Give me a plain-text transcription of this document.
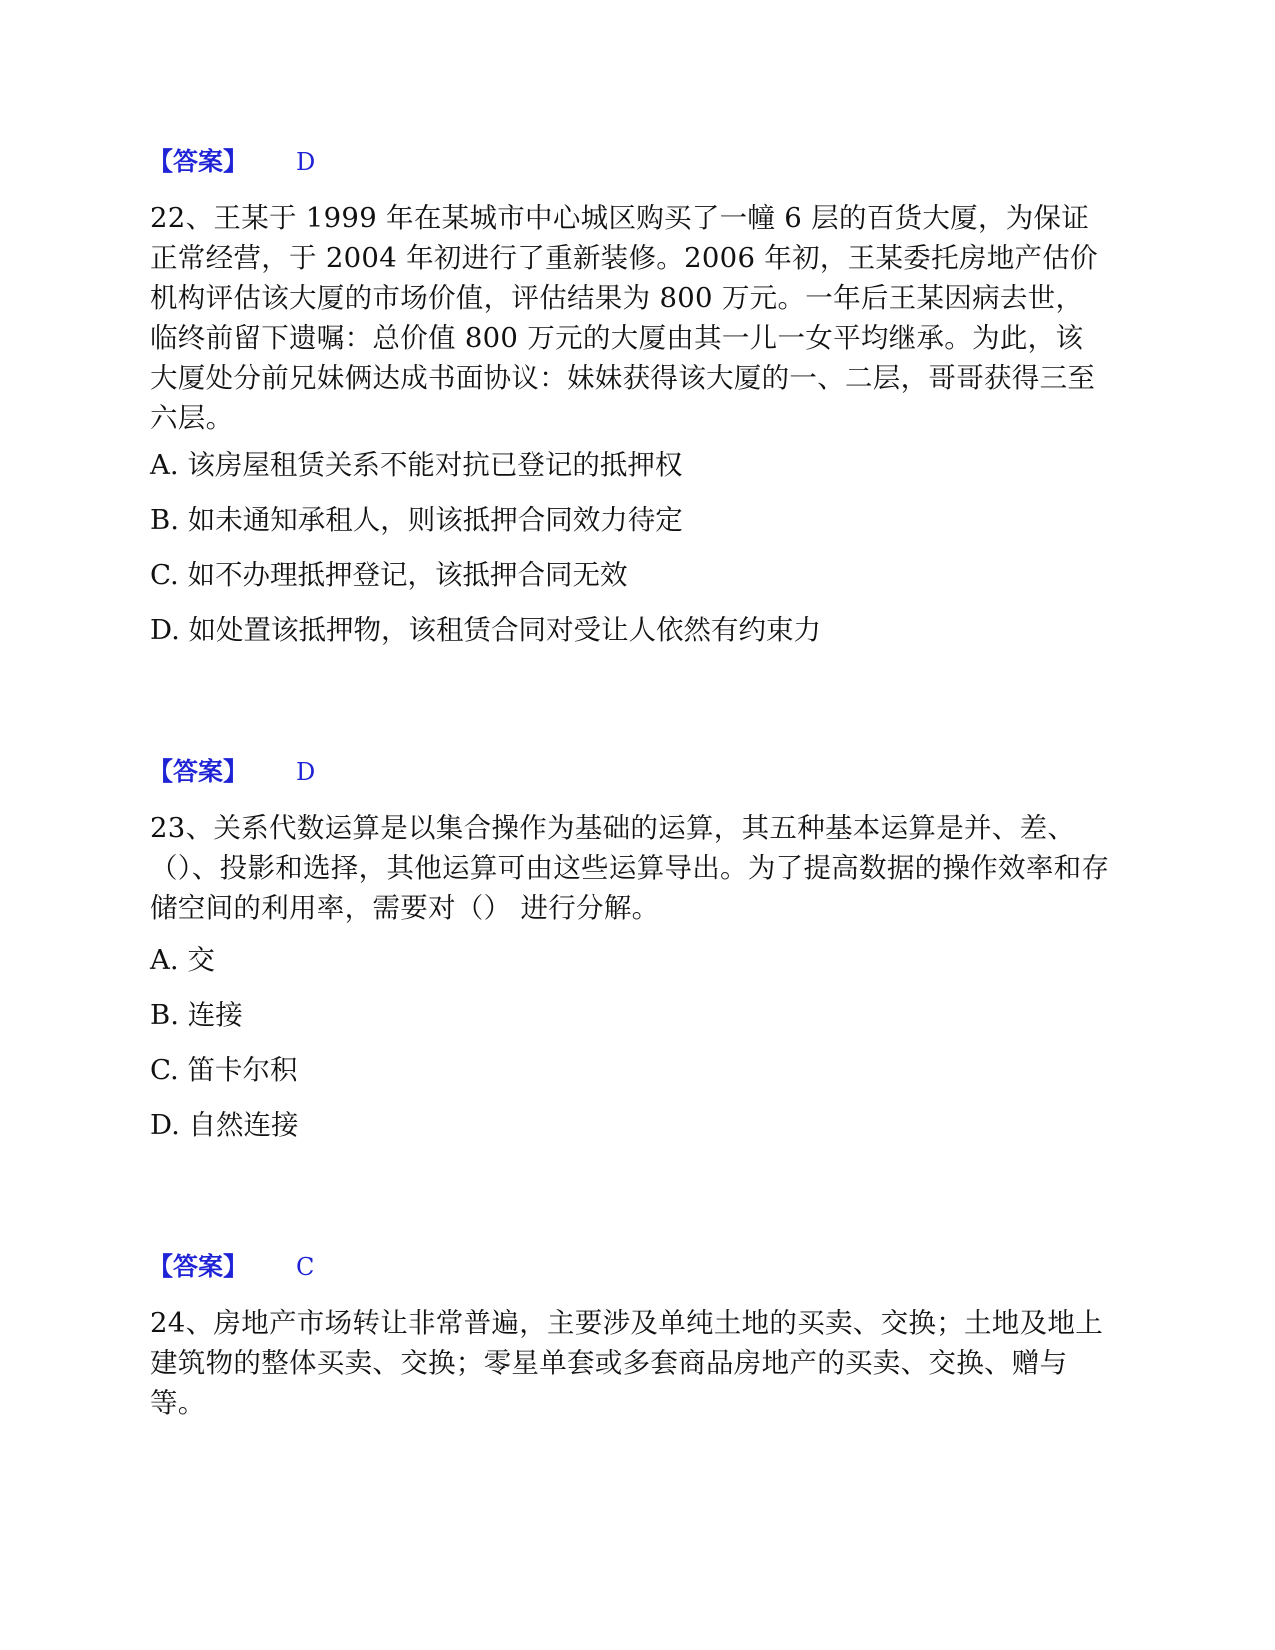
【答案】 D

22、王某于 1999 年在某城市中心城区购买了一幢 6 层的百货大厦，为保证正常经营，于 2004 年初进行了重新装修。2006 年初，王某委托房地产估价机构评估该大厦的市场价值，评估结果为 800 万元。一年后王某因病去世，临终前留下遗嘱：总价值 800 万元的大厦由其一儿一女平均继承。为此，该大厦处分前兄妹俩达成书面协议：妹妹获得该大厦的一、二层，哥哥获得三至六层。

A. 该房屋租赁关系不能对抗已登记的抵押权

B. 如未通知承租人，则该抵押合同效力待定

C. 如不办理抵押登记，该抵押合同无效

D. 如处置该抵押物，该租赁合同对受让人依然有约束力

【答案】 D

23、关系代数运算是以集合操作为基础的运算，其五种基本运算是并、差、（）、投影和选择，其他运算可由这些运算导出。为了提高数据的操作效率和存储空间的利用率，需要对（） 进行分解。

A. 交

B. 连接

C. 笛卡尔积

D. 自然连接

【答案】 C

24、房地产市场转让非常普遍，主要涉及单纯土地的买卖、交换；土地及地上建筑物的整体买卖、交换；零星单套或多套商品房地产的买卖、交换、赠与等。
